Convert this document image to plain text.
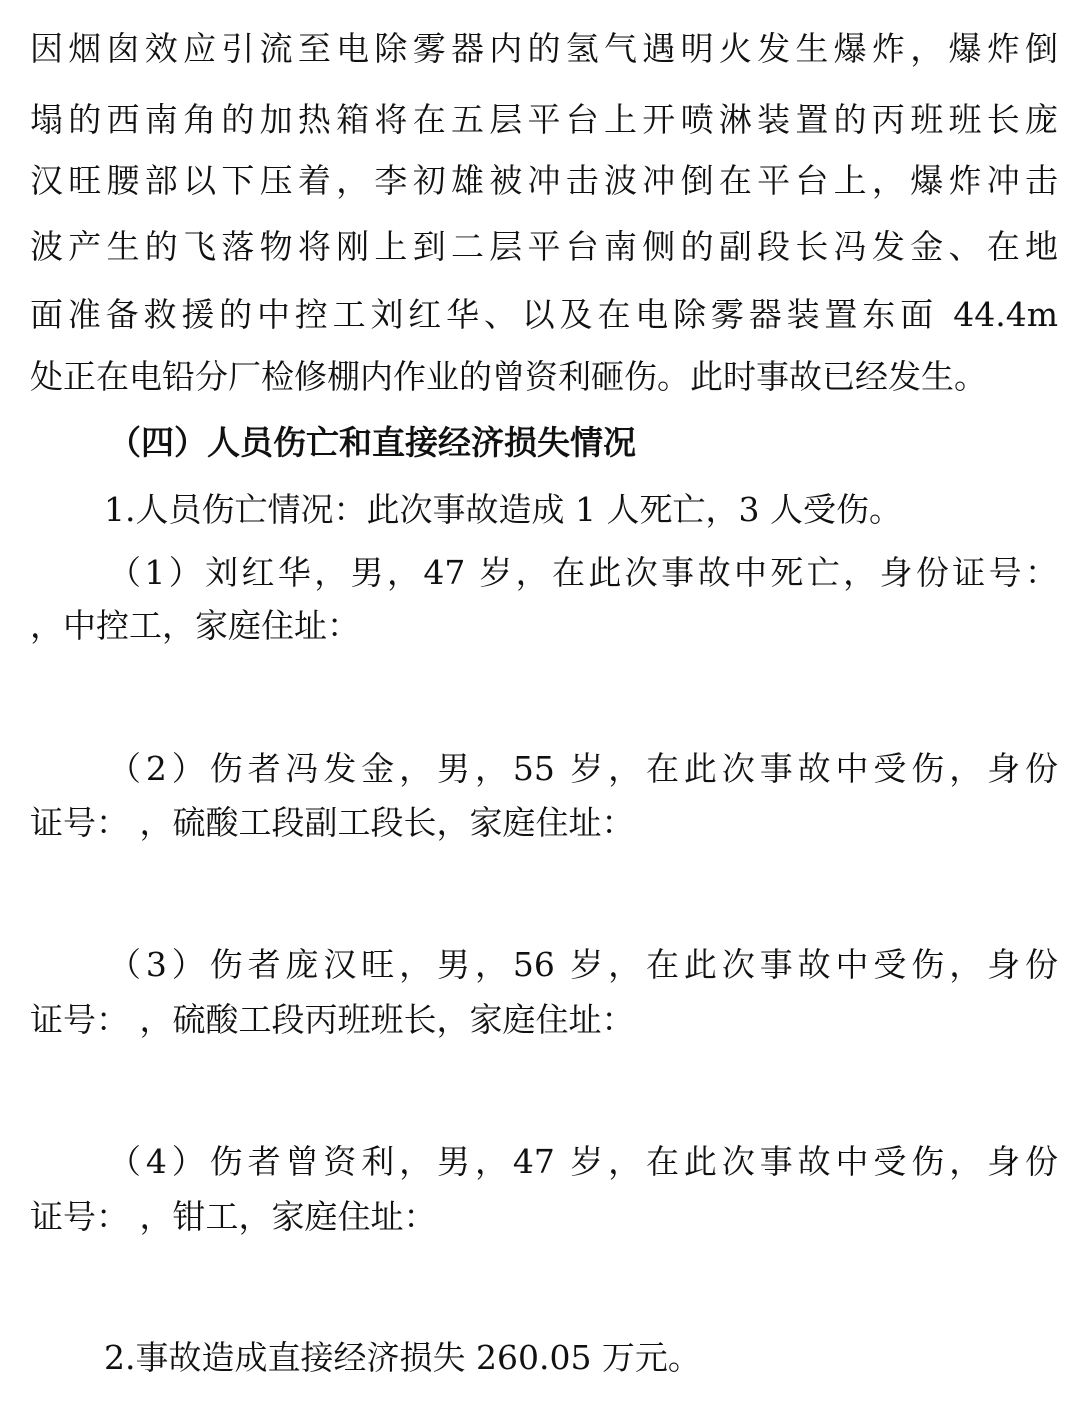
因烟囱效应引流至电除雾器内的氢气遇明火发生爆炸，爆炸倒
塌的西南角的加热箱将在五层平台上开喷淋装置的丙班班长庞
汉旺腰部以下压着，李初雄被冲击波冲倒在平台上，爆炸冲击
波产生的飞落物将刚上到二层平台南侧的副段长冯发金、在地
面准备救援的中控工刘红华、以及在电除雾器装置东面 44.4m
处正在电铅分厂检修棚内作业的曾资利砸伤。此时事故已经发生。
（四）人员伤亡和直接经济损失情况
1.人员伤亡情况：此次事故造成 1 人死亡，3 人受伤。
（1）刘红华，男，47 岁，在此次事故中死亡，身份证号：
，中控工，家庭住址：
（2）伤者冯发金，男，55 岁，在此次事故中受伤，身份
证号： ，硫酸工段副工段长，家庭住址：
（3）伤者庞汉旺，男，56 岁，在此次事故中受伤，身份
证号： ，硫酸工段丙班班长，家庭住址：
（4）伤者曾资利，男，47 岁，在此次事故中受伤，身份
证号： ，钳工，家庭住址：
2.事故造成直接经济损失 260.05 万元。
